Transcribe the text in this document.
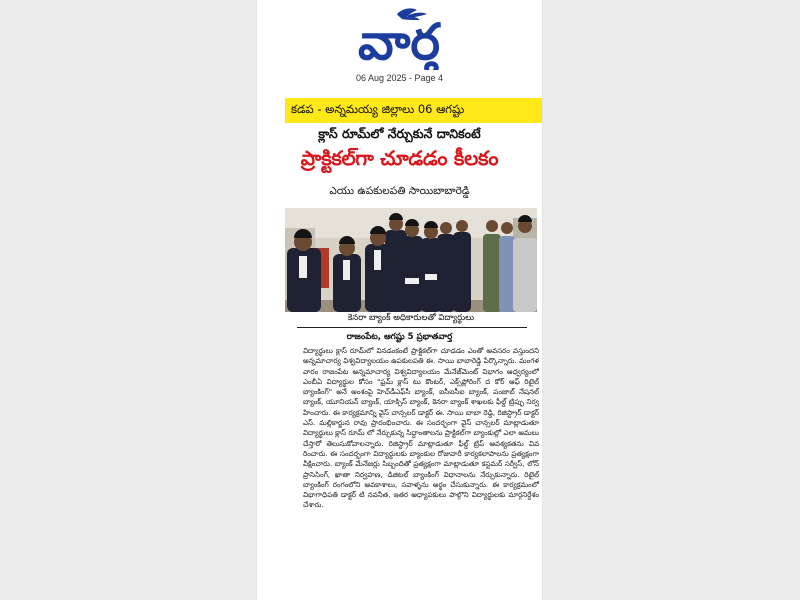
వార్త
06 Aug 2025 - Page 4
కడప - అన్నమయ్య జిల్లాలు 06 ఆగష్టు
క్లాస్ రూమ్‌లో నేర్చుకునే దానికంటే
ప్రాక్టికల్‌గా చూడడం కీలకం
ఎయు ఉపకులపతి సాయిబాబారెడ్డి
కెనరా బ్యాంక్ అధికారులతో విద్యార్థులు
రాజంపేట, ఆగష్టు 5 ప్రభాతవార్త
విద్యార్థులు క్లాస్ రూమ్‌లో వినడంకంటే ప్రాక్టికల్‌గా చూడడం ఎంతో అవసరం వస్తుందని అన్నమాచార్య విశ్వవిద్యాలయం ఉపకులపతి ఈ. సాయి బాబారెడ్డి పేర్కొన్నారు. మంగళవారం రాజంపేట అన్నమాచార్య విశ్వవిద్యాలయం మేనేజ్‌మెంట్ విభాగం ఆధ్వర్యంలో ఎంబీఏ విద్యార్థుల కోసం "ఫ్రమ్ క్లాస్ టు కౌంటర్, ఎక్స్‌ప్లోరింగ్ ద కోర్ ఆఫ్ రిటైల్ బ్యాంకింగ్" అనే అంశంపై హెచ్‌డీఎఫ్‌సీ బ్యాంక్, ఐసీఐసీఐ బ్యాంక్, పంజాబ్ నేషనల్ బ్యాంక్, యూనియన్ బ్యాంక్, యాక్సిస్ బ్యాంక్, కెనరా బ్యాంక్ శాఖలకు ఫీల్డ్ ట్రిప్పు నిర్వహించారు. ఈ కార్యక్రమాన్ని వైస్ చాన్సలర్ డాక్టర్ ఈ. సాయి బాబా రెడ్డి, రిజిస్ట్రార్ డాక్టర్ ఎస్. మల్లికార్జున రావు ప్రారంభించారు. ఈ సందర్భంగా వైస్ చాన్సలర్ మాట్లాడుతూ విద్యార్థులు క్లాస్ రూమ్ లో నేర్చుకున్న సిద్ధాంతాలను ప్రాక్టికల్‌గా బ్యాంకుల్లో ఎలా అమలు చేస్తారో తెలుసుకోవాలన్నారు. రిజిస్ట్రార్ మాట్లాడుతూ ఫీల్డ్ ట్రిప్ ఆవశ్యకతను వివరించారు. ఈ సందర్భంగా విద్యార్థులకు బ్యాంకుల రోజువారీ కార్యకలాపాలను ప్రత్యక్షంగా వీక్షించారు. బ్యాంక్ మేనేజర్లు సిబ్బందితో ప్రత్యక్షంగా మాట్లాడుతూ కస్టమర్ సర్వీస్, లోన్ ప్రాసెసింగ్, ఖాతా నిర్వహణ, డిజిటల్ బ్యాంకింగ్ విధానాలను నేర్చుకున్నారు. రిటైల్ బ్యాంకింగ్ రంగంలోని అవకాశాలు, సవాళ్ళను అర్థం చేసుకున్నారు. ఈ కార్యక్రమంలో విభాగాధిపతి డాక్టర్ టి నవనీత, ఇతర అధ్యాపకులు పాల్గొని విద్యార్థులకు మార్గనిర్దేశం చేశారు.
